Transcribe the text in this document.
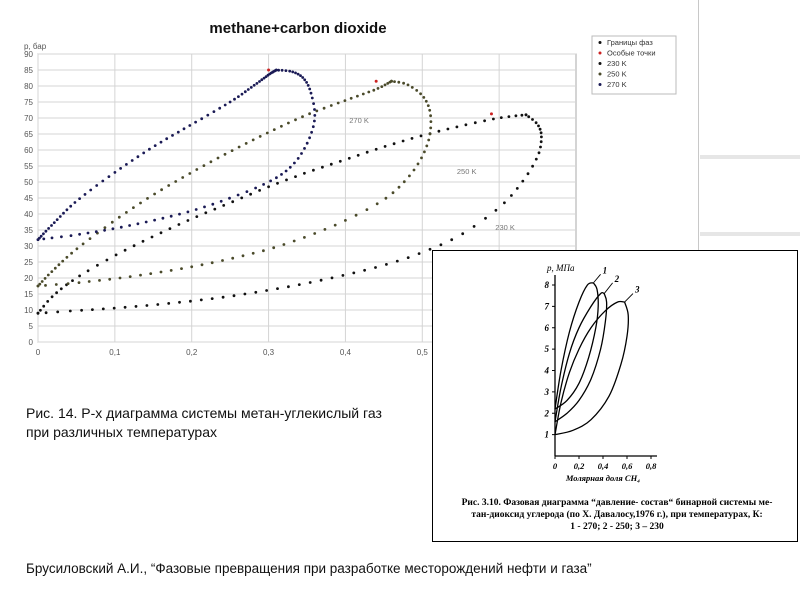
methane+carbon dioxide
0
5
10
15
20
25
30
35
40
45
50
55
60
65
70
75
80
85
90
0	0,1	0,2	0,3	0,4	0,5
p, бар
230 K
250 K
270 K
Границы фаз
Особые точки
230 K
250 K
270 K
p, МПа
1
2
3
4
5
6
7
8
0 0,2 0,4 0,6 0,8
Молярная доля CH₄
1
2
3
Рис. 3.10. Фазовая диаграмма “давление- состав“ бинарной системы ме-
тан-диоксид углерода (по Х. Давалосу,1976 г.), при температурах, К:
1 - 270; 2 - 250; 3 – 230
Рис. 14. P-x диаграмма системы метан-углекислый газ
при различных температурах
Брусиловский А.И., “Фазовые превращения при разработке месторождений нефти и газа”
